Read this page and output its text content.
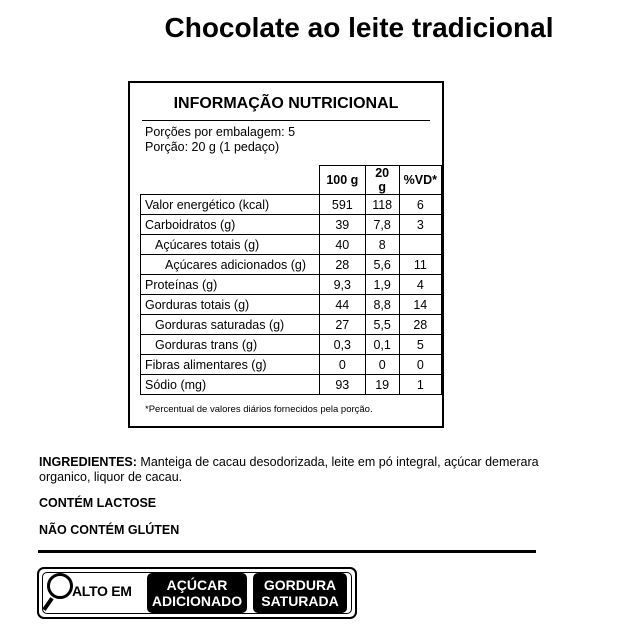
Chocolate ao leite tradicional
INFORMAÇÃO NUTRICIONAL
Porções por embalagem: 5
Porção: 20 g (1 pedaço)
	100 g	20 g	%VD*
Valor energético (kcal)	591	118	6
Carboidratos (g)	39	7,8	3
Açúcares totais (g)	40	8	
Açúcares adicionados (g)	28	5,6	11
Proteínas (g)	9,3	1,9	4
Gorduras totais (g)	44	8,8	14
Gorduras saturadas (g)	27	5,5	28
Gorduras trans (g)	0,3	0,1	5
Fibras alimentares (g)	0	0	0
Sódio (mg)	93	19	1
*Percentual de valores diários fornecidos pela porção.
INGREDIENTES: Manteiga de cacau desodorizada, leite em pó integral, açúcar demerara organico, liquor de cacau.
CONTÉM LACTOSE
NÃO CONTÉM GLÚTEN
ALTO EM	AÇÚCAR
ADICIONADO
GORDURA
SATURADA
